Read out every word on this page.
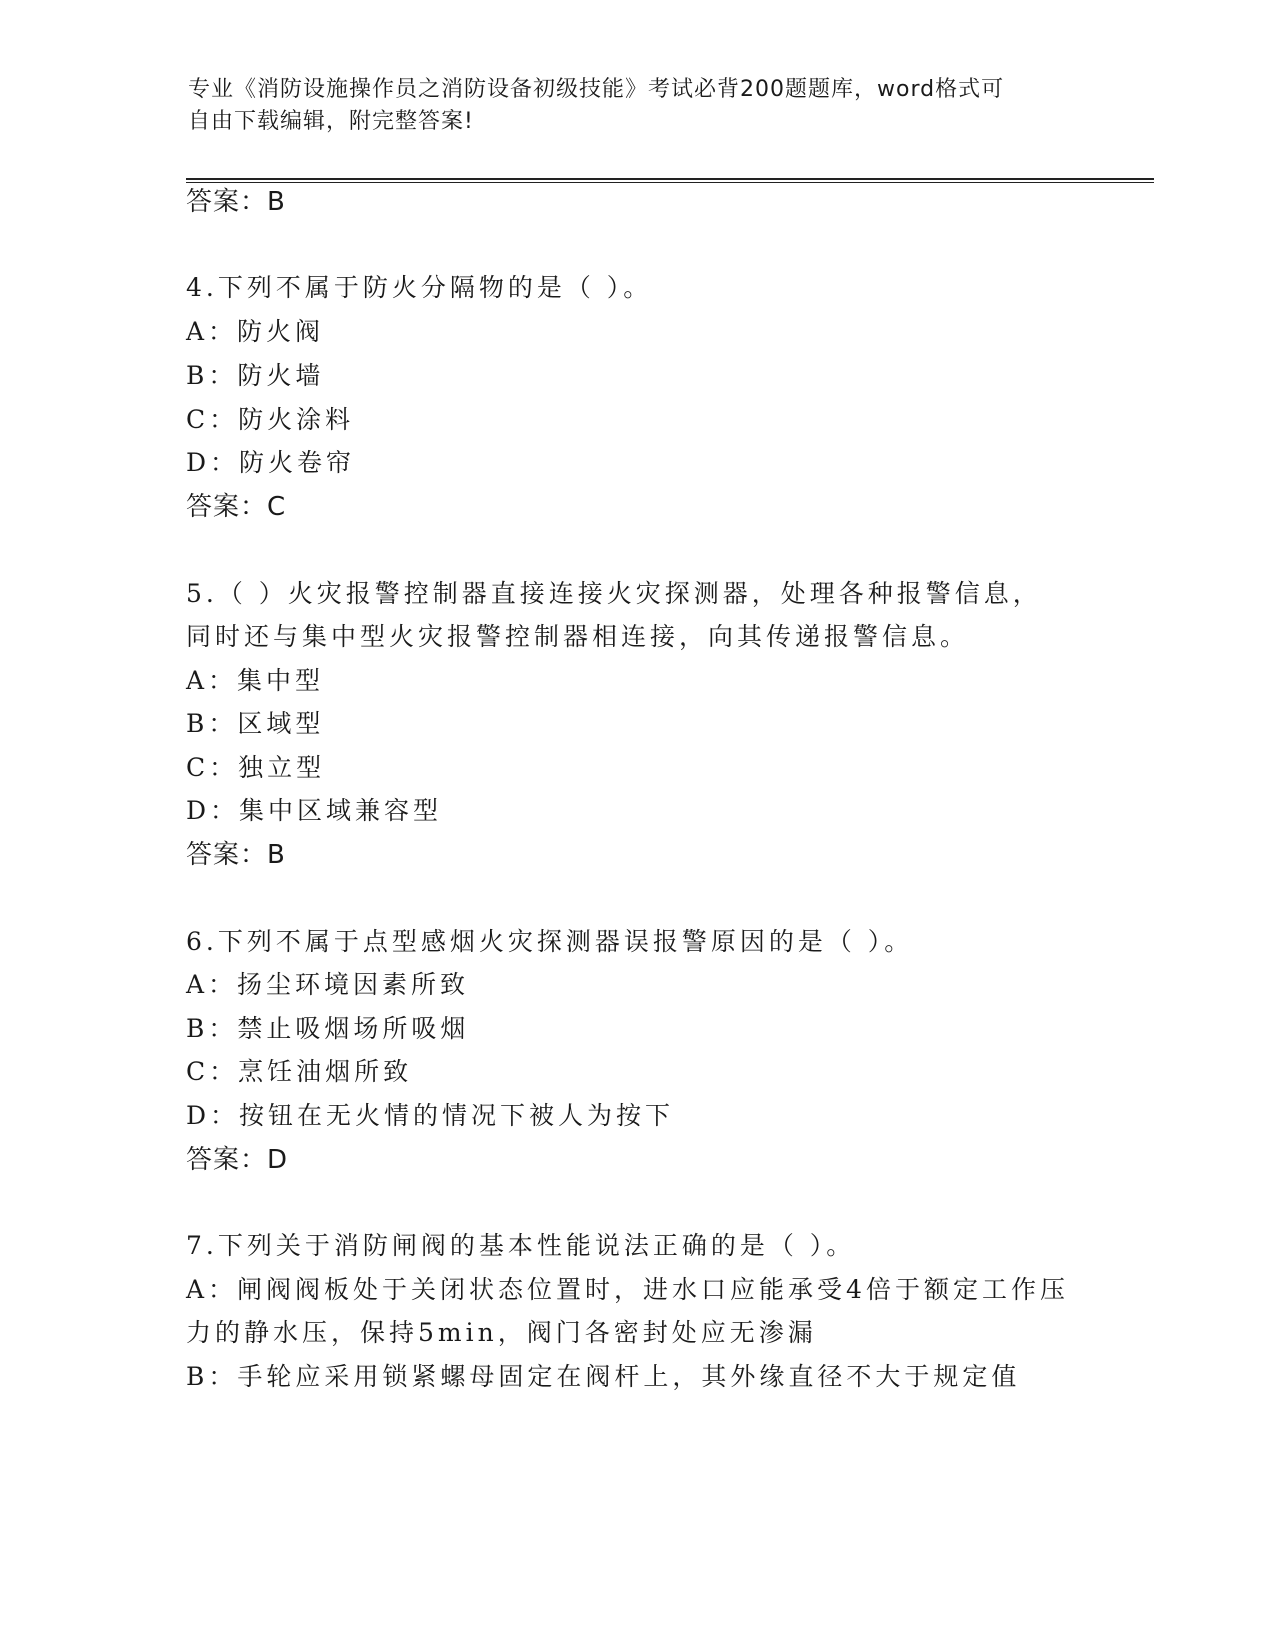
专业《消防设施操作员之消防设备初级技能》考试必背200题题库，word格式可
自由下载编辑，附完整答案!
答案：B
4.下列不属于防火分隔物的是（ ）。
A：防火阀
B：防火墙
C：防火涂料
D：防火卷帘
答案：C
5.（ ）火灾报警控制器直接连接火灾探测器，处理各种报警信息，
同时还与集中型火灾报警控制器相连接，向其传递报警信息。
A：集中型
B：区域型
C：独立型
D：集中区域兼容型
答案：B
6.下列不属于点型感烟火灾探测器误报警原因的是（ ）。
A：扬尘环境因素所致
B：禁止吸烟场所吸烟
C：烹饪油烟所致
D：按钮在无火情的情况下被人为按下
答案：D
7.下列关于消防闸阀的基本性能说法正确的是（ ）。
A：闸阀阀板处于关闭状态位置时，进水口应能承受4倍于额定工作压
力的静水压，保持5min，阀门各密封处应无渗漏
B：手轮应采用锁紧螺母固定在阀杆上，其外缘直径不大于规定值
